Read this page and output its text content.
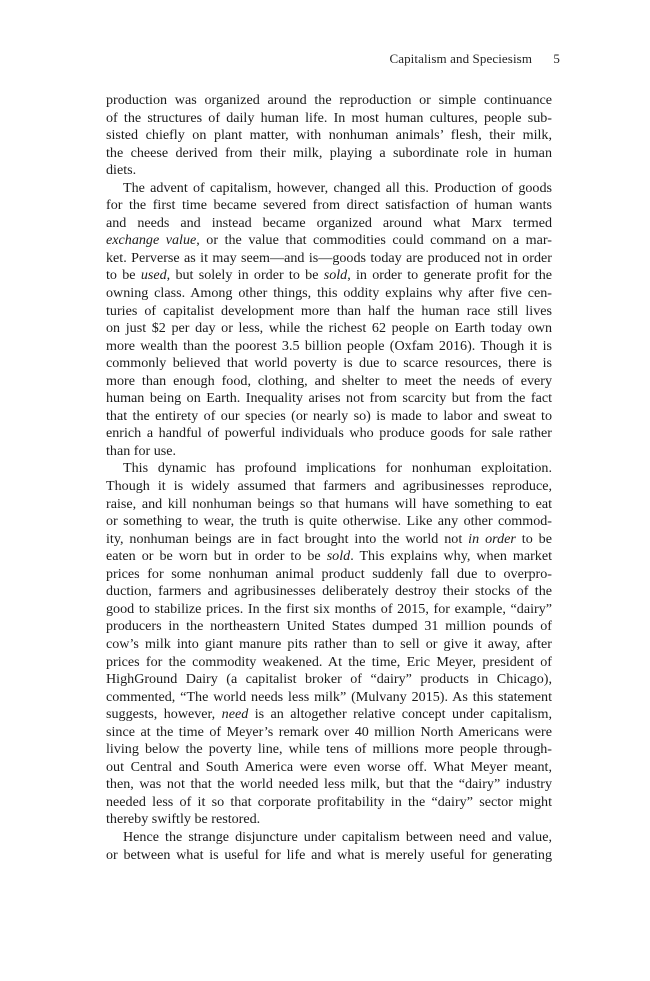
Capitalism and Speciesism 5
production was organized around the reproduction or simple continuance
of the structures of daily human life. In most human cultures, people sub-
sisted chiefly on plant matter, with nonhuman animals’ flesh, their milk,
the cheese derived from their milk, playing a subordinate role in human
diets.
The advent of capitalism, however, changed all this. Production of goods
for the first time became severed from direct satisfaction of human wants
and needs and instead became organized around what Marx termed
exchange value, or the value that commodities could command on a mar-
ket. Perverse as it may seem—and is—goods today are produced not in order
to be used, but solely in order to be sold, in order to generate profit for the
owning class. Among other things, this oddity explains why after five cen-
turies of capitalist development more than half the human race still lives
on just $2 per day or less, while the richest 62 people on Earth today own
more wealth than the poorest 3.5 billion people (Oxfam 2016). Though it is
commonly believed that world poverty is due to scarce resources, there is
more than enough food, clothing, and shelter to meet the needs of every
human being on Earth. Inequality arises not from scarcity but from the fact
that the entirety of our species (or nearly so) is made to labor and sweat to
enrich a handful of powerful individuals who produce goods for sale rather
than for use.
This dynamic has profound implications for nonhuman exploitation.
Though it is widely assumed that farmers and agribusinesses reproduce,
raise, and kill nonhuman beings so that humans will have something to eat
or something to wear, the truth is quite otherwise. Like any other commod-
ity, nonhuman beings are in fact brought into the world not in order to be
eaten or be worn but in order to be sold. This explains why, when market
prices for some nonhuman animal product suddenly fall due to overpro-
duction, farmers and agribusinesses deliberately destroy their stocks of the
good to stabilize prices. In the first six months of 2015, for example, “dairy”
producers in the northeastern United States dumped 31 million pounds of
cow’s milk into giant manure pits rather than to sell or give it away, after
prices for the commodity weakened. At the time, Eric Meyer, president of
HighGround Dairy (a capitalist broker of “dairy” products in Chicago),
commented, “The world needs less milk” (Mulvany 2015). As this statement
suggests, however, need is an altogether relative concept under capitalism,
since at the time of Meyer’s remark over 40 million North Americans were
living below the poverty line, while tens of millions more people through-
out Central and South America were even worse off. What Meyer meant,
then, was not that the world needed less milk, but that the “dairy” industry
needed less of it so that corporate profitability in the “dairy” sector might
thereby swiftly be restored.
Hence the strange disjuncture under capitalism between need and value,
or between what is useful for life and what is merely useful for generating
